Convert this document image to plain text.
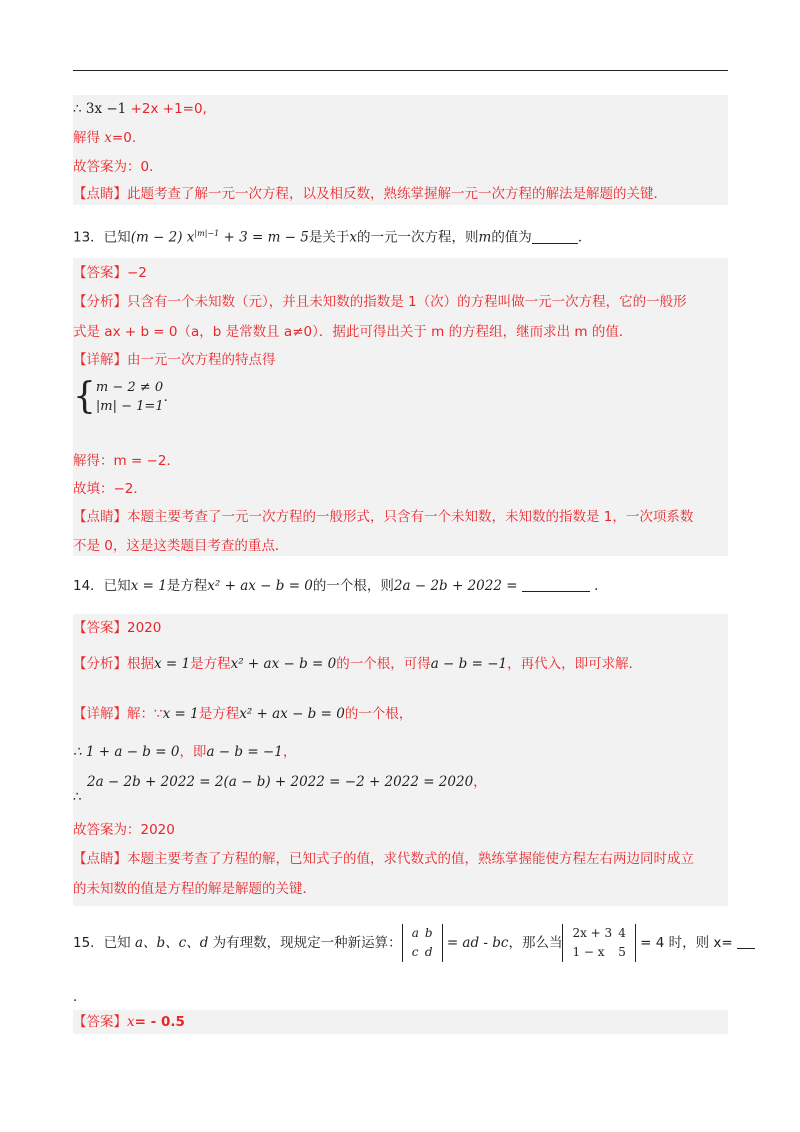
∴ 3x −1 +2x +1=0,
解得 x=0.
故答案为：0.
【点睛】此题考查了解一元一次方程，以及相反数，熟练掌握解一元一次方程的解法是解题的关键．
13．已知(m − 2) $x^{|m|-1} + 3 = m - 5$是关于x的一元一次方程，则m的值为	．
【答案】−2
【分析】只含有一个未知数（元），并且未知数的指数是 1（次）的方程叫做一元一次方程，它的一般形
式是 ax + b = 0（a，b 是常数且 a≠0）．据此可得出关于 m 的方程组，继而求出 m 的值．
【详解】由一元一次方程的特点得
{ m − 2 ≠ 0
|m| − 1=1
．
解得：m = −2．
故填：−2．
【点睛】本题主要考查了一元一次方程的一般形式，只含有一个未知数，未知数的指数是 1，一次项系数
不是 0，这是这类题目考查的重点．
14．已知x = 1是方程x² + ax − b = 0的一个根，则2a − 2b + 2022 =	．
【答案】2020
【分析】根据x = 1是方程x² + ax − b = 0的一个根，可得a − b = −1，再代入，即可求解．
【详解】解：∵x = 1是方程x² + ax − b = 0的一个根，
∴ 1 + a − b = 0，即a − b = −1，
2a − 2b + 2022 = 2(a − b) + 2022 = −2 + 2022 = 2020，
∴
故答案为：2020
【点睛】本题主要考查了方程的解，已知式子的值，求代数式的值，熟练掌握能使方程左右两边同时成立
的未知数的值是方程的解是解题的关键．
15．已知 a、b、c、d 为有理数，现规定一种新运算：
a	b
c	d
= ad - bc，那么当
2x + 3	4
1 − x	5
= 4 时，则 x=
．
【答案】x= - 0.5
